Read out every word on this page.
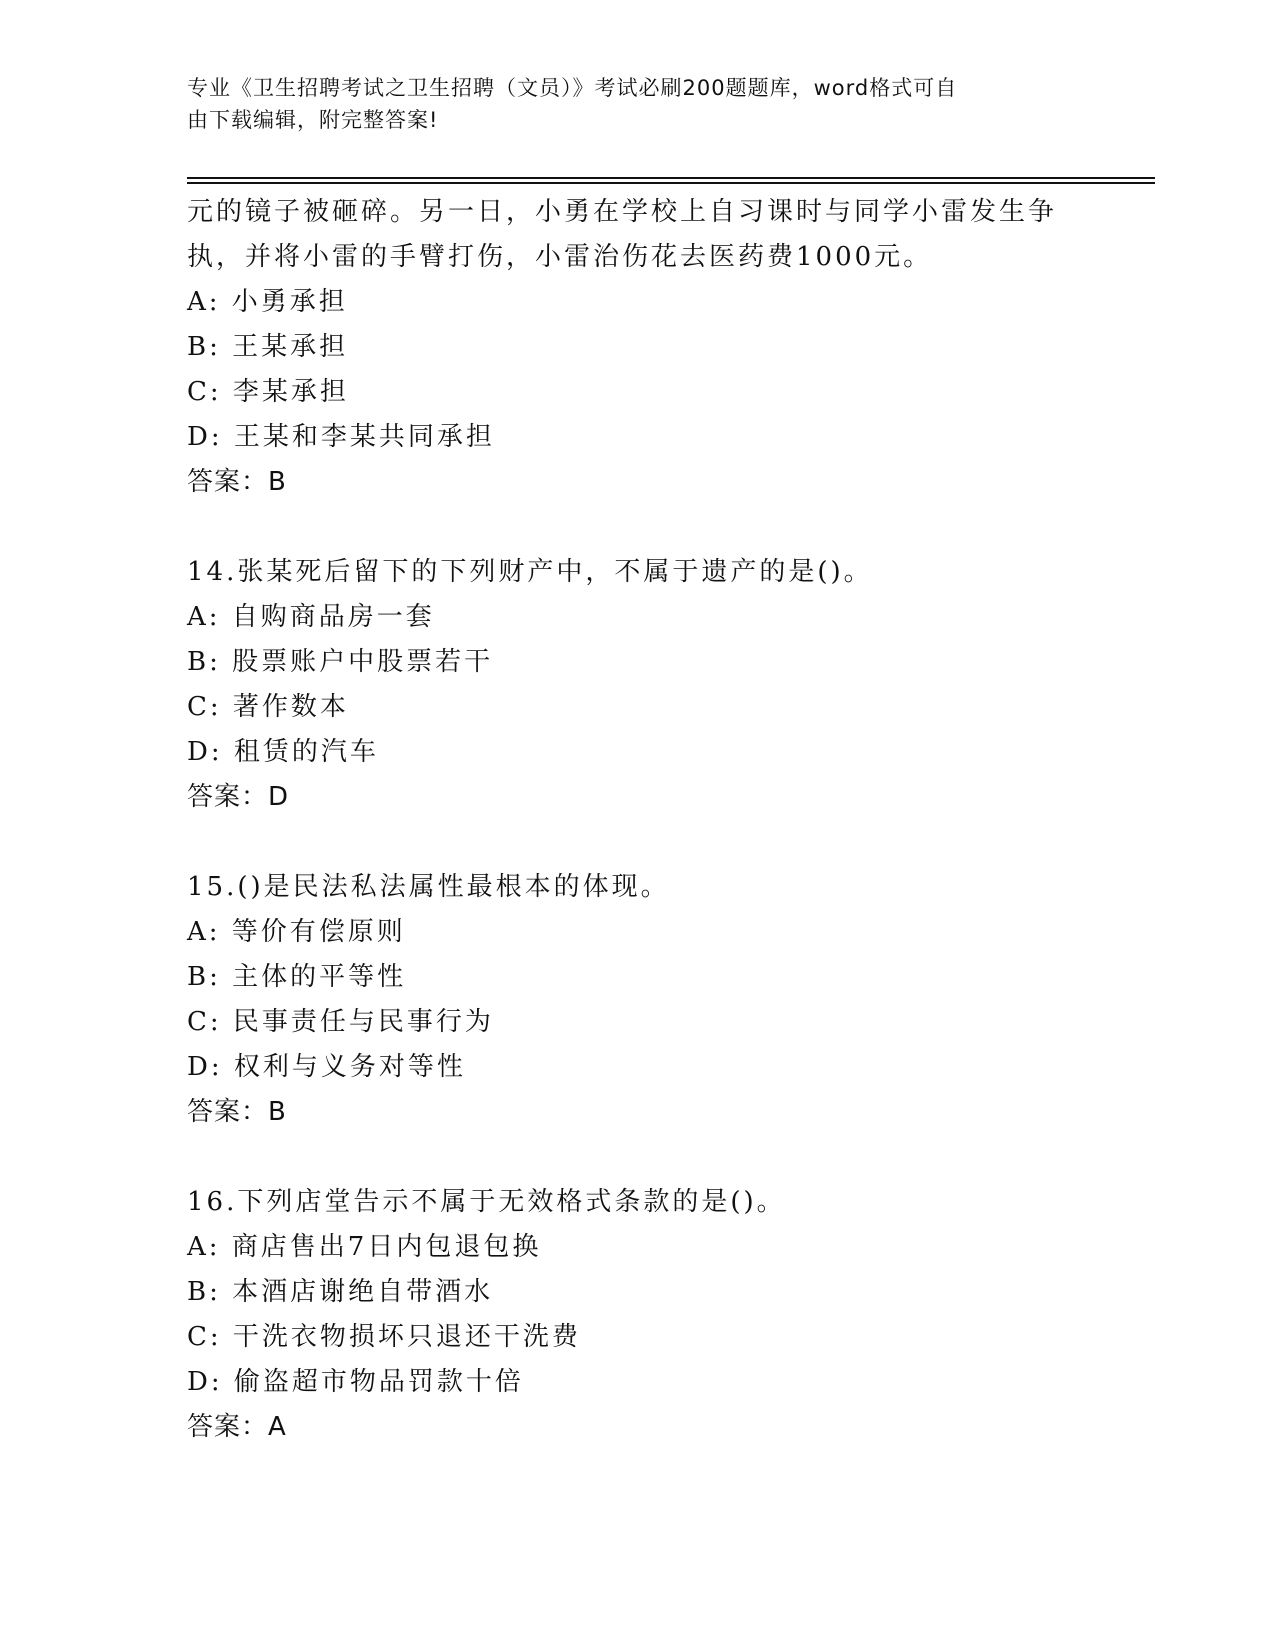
专业《卫生招聘考试之卫生招聘（文员）》考试必刷200题题库，word格式可自
由下载编辑，附完整答案!
元的镜子被砸碎。另一日，小勇在学校上自习课时与同学小雷发生争
执，并将小雷的手臂打伤，小雷治伤花去医药费1000元。
A: 小勇承担
B: 王某承担
C: 李某承担
D: 王某和李某共同承担
答案：B
14.张某死后留下的下列财产中，不属于遗产的是()。
A: 自购商品房一套
B: 股票账户中股票若干
C: 著作数本
D: 租赁的汽车
答案：D
15.()是民法私法属性最根本的体现。
A: 等价有偿原则
B: 主体的平等性
C: 民事责任与民事行为
D: 权利与义务对等性
答案：B
16.下列店堂告示不属于无效格式条款的是()。
A: 商店售出7日内包退包换
B: 本酒店谢绝自带酒水
C: 干洗衣物损坏只退还干洗费
D: 偷盗超市物品罚款十倍
答案：A
